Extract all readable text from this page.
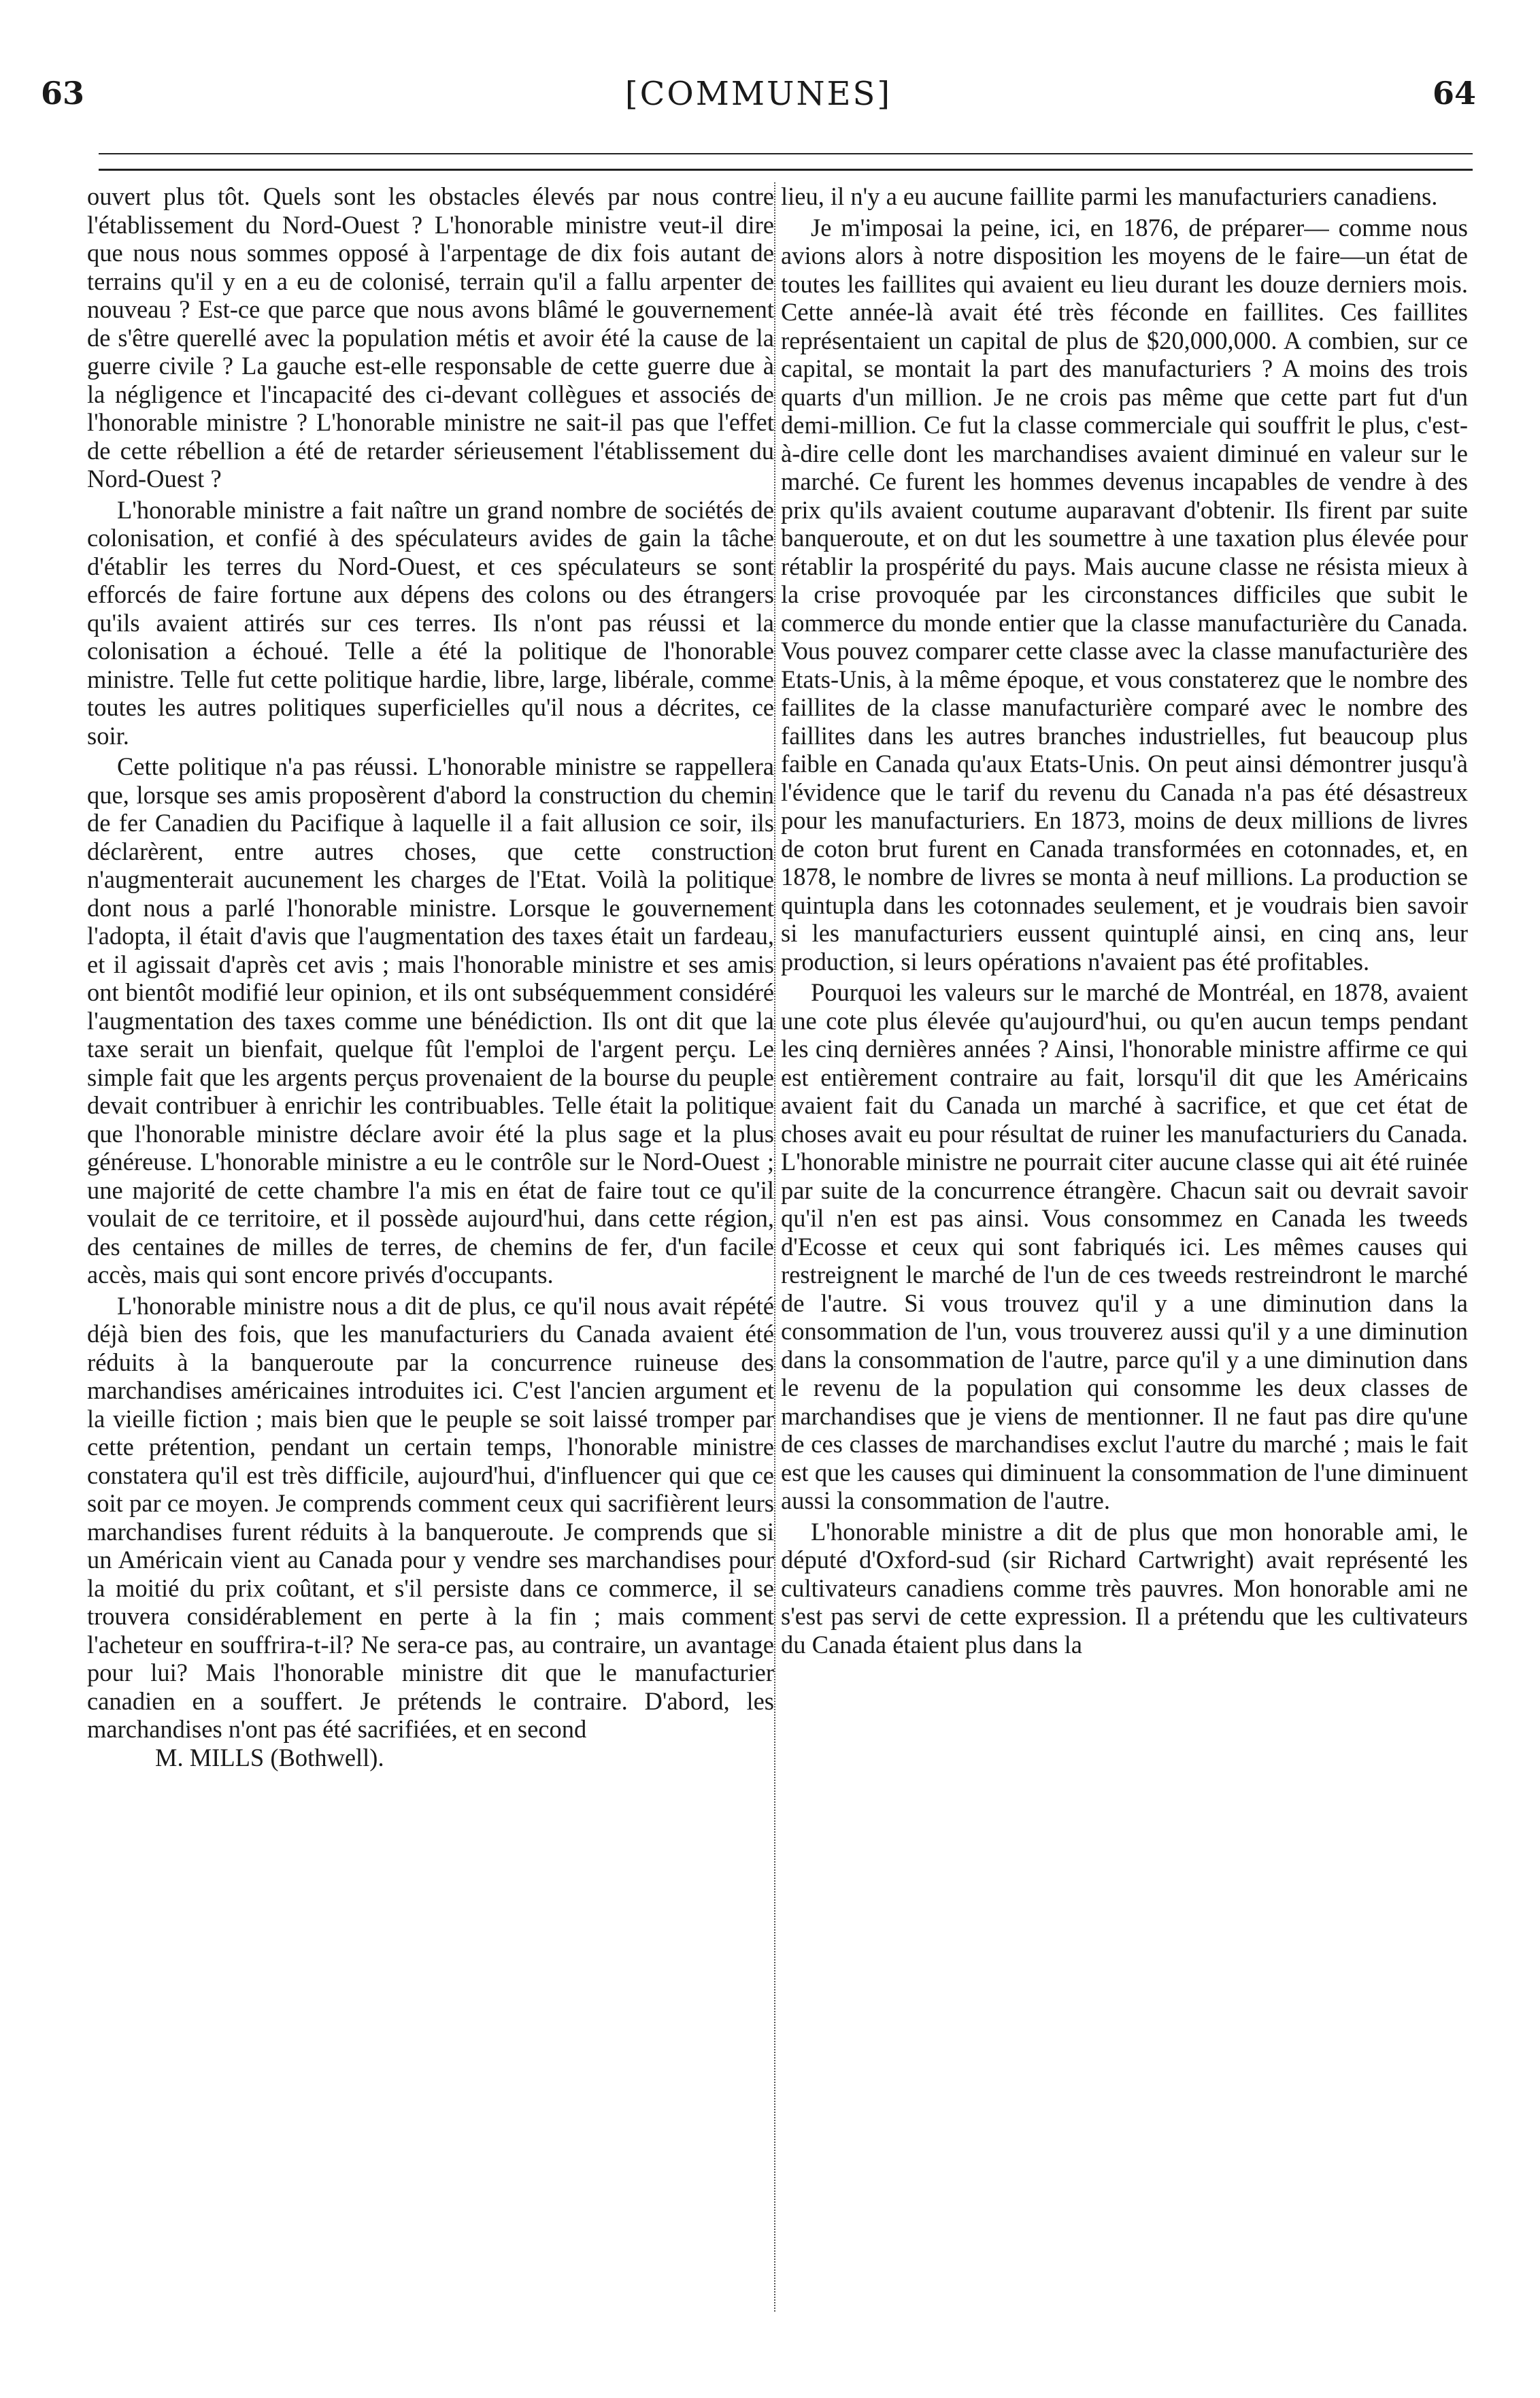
63	[COMMUNES]	64

ouvert plus tôt. Quels sont les obstacles élevés par nous contre l'établissement du Nord-Ouest ? L'honorable ministre veut-il dire que nous nous sommes opposé à l'arpentage de dix fois autant de terrains qu'il y en a eu de colonisé, terrain qu'il a fallu arpenter de nouveau ? Est-ce que parce que nous avons blâmé le gouvernement de s'être querellé avec la population métis et avoir été la cause de la guerre civile ? La gauche est-elle responsable de cette guerre due à la négligence et l'incapacité des ci-devant collègues et associés de l'honorable ministre ? L'honorable ministre ne sait-il pas que l'effet de cette rébellion a été de retarder sérieusement l'établissement du Nord-Ouest ?

L'honorable ministre a fait naître un grand nombre de sociétés de colonisation, et confié à des spéculateurs avides de gain la tâche d'établir les terres du Nord-Ouest, et ces spéculateurs se sont efforcés de faire fortune aux dépens des colons ou des étrangers qu'ils avaient attirés sur ces terres. Ils n'ont pas réussi et la colonisation a échoué. Telle a été la politique de l'honorable ministre. Telle fut cette politique hardie, libre, large, libérale, comme toutes les autres politiques superficielles qu'il nous a décrites, ce soir.

Cette politique n'a pas réussi. L'honorable ministre se rappellera que, lorsque ses amis proposèrent d'abord la construction du chemin de fer Canadien du Pacifique à laquelle il a fait allusion ce soir, ils déclarèrent, entre autres choses, que cette construction n'augmenterait aucunement les charges de l'Etat. Voilà la politique dont nous a parlé l'honorable ministre. Lorsque le gouvernement l'adopta, il était d'avis que l'augmentation des taxes était un fardeau, et il agissait d'après cet avis ; mais l'honorable ministre et ses amis ont bientôt modifié leur opinion, et ils ont subséquemment considéré l'augmentation des taxes comme une bénédiction. Ils ont dit que la taxe serait un bienfait, quelque fût l'emploi de l'argent perçu. Le simple fait que les argents perçus provenaient de la bourse du peuple devait contribuer à enrichir les contribuables. Telle était la politique que l'honorable ministre déclare avoir été la plus sage et la plus généreuse. L'honorable ministre a eu le contrôle sur le Nord-Ouest ; une majorité de cette chambre l'a mis en état de faire tout ce qu'il voulait de ce territoire, et il possède aujourd'hui, dans cette région, des centaines de milles de terres, de chemins de fer, d'un facile accès, mais qui sont encore privés d'occupants.

L'honorable ministre nous a dit de plus, ce qu'il nous avait répété déjà bien des fois, que les manufacturiers du Canada avaient été réduits à la banqueroute par la concurrence ruineuse des marchandises américaines introduites ici. C'est l'ancien argument et la vieille fiction ; mais bien que le peuple se soit laissé tromper par cette prétention, pendant un certain temps, l'honorable ministre constatera qu'il est très difficile, aujourd'hui, d'influencer qui que ce soit par ce moyen. Je comprends comment ceux qui sacrifièrent leurs marchandises furent réduits à la banqueroute. Je comprends que si un Américain vient au Canada pour y vendre ses marchandises pour la moitié du prix coûtant, et s'il persiste dans ce commerce, il se trouvera considérablement en perte à la fin ; mais comment l'acheteur en souffrira-t-il? Ne sera-ce pas, au contraire, un avantage pour lui? Mais l'honorable ministre dit que le manufacturier canadien en a souffert. Je prétends le contraire. D'abord, les marchandises n'ont pas été sacrifiées, et en second

M. MILLS (Bothwell).

lieu, il n'y a eu aucune faillite parmi les manufacturiers canadiens.

Je m'imposai la peine, ici, en 1876, de préparer— comme nous avions alors à notre disposition les moyens de le faire—un état de toutes les faillites qui avaient eu lieu durant les douze derniers mois. Cette année-là avait été très féconde en faillites. Ces faillites représentaient un capital de plus de $20,000,000. A combien, sur ce capital, se montait la part des manufacturiers ? A moins des trois quarts d'un million. Je ne crois pas même que cette part fut d'un demi-million. Ce fut la classe commerciale qui souffrit le plus, c'est-à-dire celle dont les marchandises avaient diminué en valeur sur le marché. Ce furent les hommes devenus incapables de vendre à des prix qu'ils avaient coutume auparavant d'obtenir. Ils firent par suite banqueroute, et on dut les soumettre à une taxation plus élevée pour rétablir la prospérité du pays. Mais aucune classe ne résista mieux à la crise provoquée par les circonstances difficiles que subit le commerce du monde entier que la classe manufacturière du Canada. Vous pouvez comparer cette classe avec la classe manufacturière des Etats-Unis, à la même époque, et vous constaterez que le nombre des faillites de la classe manufacturière comparé avec le nombre des faillites dans les autres branches industrielles, fut beaucoup plus faible en Canada qu'aux Etats-Unis. On peut ainsi démontrer jusqu'à l'évidence que le tarif du revenu du Canada n'a pas été désastreux pour les manufacturiers. En 1873, moins de deux millions de livres de coton brut furent en Canada transformées en cotonnades, et, en 1878, le nombre de livres se monta à neuf millions. La production se quintupla dans les cotonnades seulement, et je voudrais bien savoir si les manufacturiers eussent quintuplé ainsi, en cinq ans, leur production, si leurs opérations n'avaient pas été profitables.

Pourquoi les valeurs sur le marché de Montréal, en 1878, avaient une cote plus élevée qu'aujourd'hui, ou qu'en aucun temps pendant les cinq dernières années ? Ainsi, l'honorable ministre affirme ce qui est entièrement contraire au fait, lorsqu'il dit que les Américains avaient fait du Canada un marché à sacrifice, et que cet état de choses avait eu pour résultat de ruiner les manufacturiers du Canada. L'honorable ministre ne pourrait citer aucune classe qui ait été ruinée par suite de la concurrence étrangère. Chacun sait ou devrait savoir qu'il n'en est pas ainsi. Vous consommez en Canada les tweeds d'Ecosse et ceux qui sont fabriqués ici. Les mêmes causes qui restreignent le marché de l'un de ces tweeds restreindront le marché de l'autre. Si vous trouvez qu'il y a une diminution dans la consommation de l'un, vous trouverez aussi qu'il y a une diminution dans la consommation de l'autre, parce qu'il y a une diminution dans le revenu de la population qui consomme les deux classes de marchandises que je viens de mentionner. Il ne faut pas dire qu'une de ces classes de marchandises exclut l'autre du marché ; mais le fait est que les causes qui diminuent la consommation de l'une diminuent aussi la consommation de l'autre.

L'honorable ministre a dit de plus que mon honorable ami, le député d'Oxford-sud (sir Richard Cartwright) avait représenté les cultivateurs canadiens comme très pauvres. Mon honorable ami ne s'est pas servi de cette expression. Il a prétendu que les cultivateurs du Canada étaient plus dans la
